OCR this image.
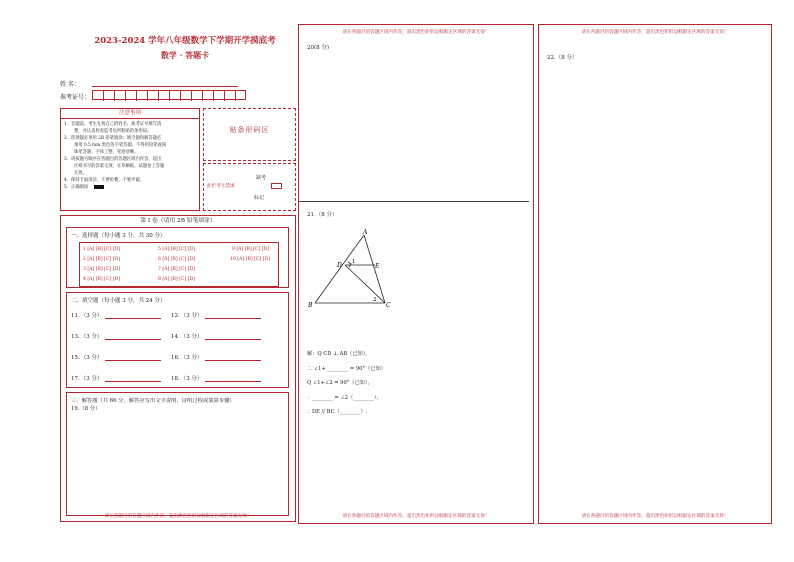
2023-2024 学年八年级数学下学期开学摸底考
数学 · 答题卡
姓 名：
准考证号：
注意事项
1．答题前，考生先将自己的姓名，准考证号填写清
楚，并认真检查监考员所粘贴的条形码。
2．选择题必须用 2B 铅笔填涂；填空题和解答题必
须用 0.5 mm 黑色签字笔答题，不得用铅笔或圆
珠笔答题；字体工整、笔迹清晰。
3．请按题号顺序在各题目的答题区域内作答，超出
区域书写的答案无效；在草稿纸、试题卷上答题
无效。
4．保持卡面清洁，不要折叠、不要弄破。
5．正确填涂
贴条形码区
缺考
此栏考生禁填
标记
第 I 卷（请用 2B 铅笔填涂）
一、选择题（每小题 3 分，共 30 分）
1 [A] [B] [C] [D]	5 [A] [B] [C] [D]	9 [A] [B] [C] [D]
2 [A] [B] [C] [D]	6 [A] [B] [C] [D]	10 [A] [B] [C] [D]
3 [A] [B] [C] [D]	7 [A] [B] [C] [D]
4 [A] [B] [C] [D]	8 [A] [B] [C] [D]
二、填空题（每小题 3 分，共 24 分）
11．（3 分）	12．（3 分）
13．（3 分）	14．（3 分）
15．（3 分）	16．（3 分）
17．（3 分）	18．（3 分）
三、解答题（共 66 分，解答应写出文字说明、证明过程或演算步骤）
19.（8 分）
请在各题目的答题区域内作答，超出黑色矩形边框限定区域的答案无效！
20(8 分)
21.（8 分）
A
B	C
D	E
1
2
解：Q CD ⊥ AB（已知），
∴ ∠1+ ________ = 90°（已知）
Q ∠1+∠2 = 90°（已知），
∴ ________ = ∠2（________），
∴ DE // BC（________）.
请在各题目的答题区域内作答，超出黑色矩形边框限定区域的答案无效！
22.（8 分）
请在各题目的答题区域内作答，超出黑色矩形边框限定区域的答案无效！	请在各题目的答题区域内作答，超出黑色矩形边框限定区域的答案无效！	请在各题目的答题区域内作答，超出黑色矩形边框限定区域的答案无效！
